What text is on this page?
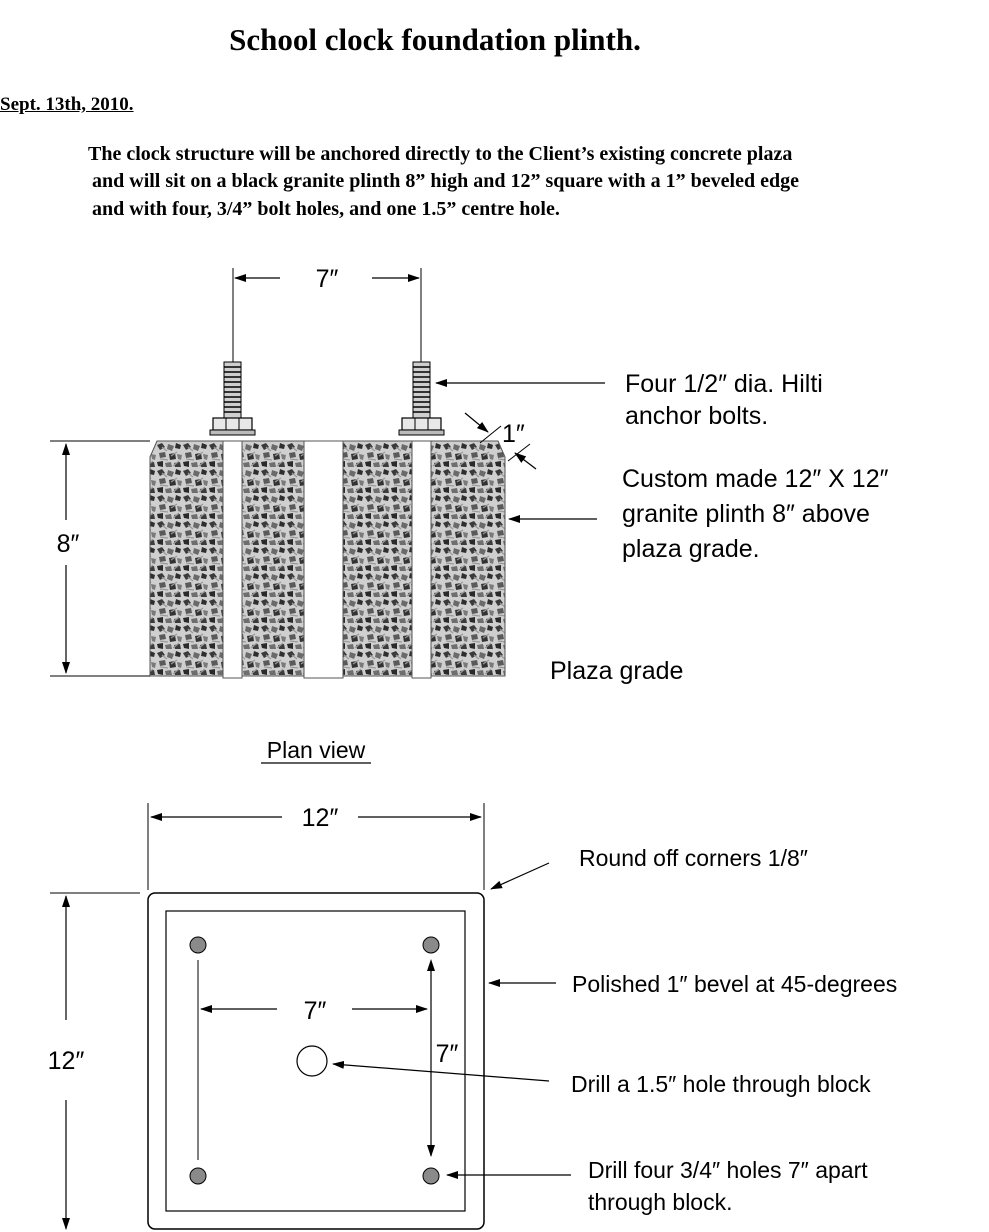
School clock foundation plinth.
Sept. 13th, 2010.
The clock structure will be anchored directly to the Client’s existing concrete plaza
and will sit on a black granite plinth 8” high and 12” square with a 1” beveled edge
and with four, 3/4” bolt holes, and one 1.5” centre hole.
7″
8″
1″
Four 1/2″ dia. Hilti
anchor bolts.
Custom made 12″ X 12″
granite plinth 8″ above
plaza grade.
Plaza grade
Plan view
12″
12″
7″
7″
Round off corners 1/8″
Polished 1″ bevel at 45-degrees
Drill a 1.5″ hole through block
Drill four 3/4″ holes 7″ apart
through block.
